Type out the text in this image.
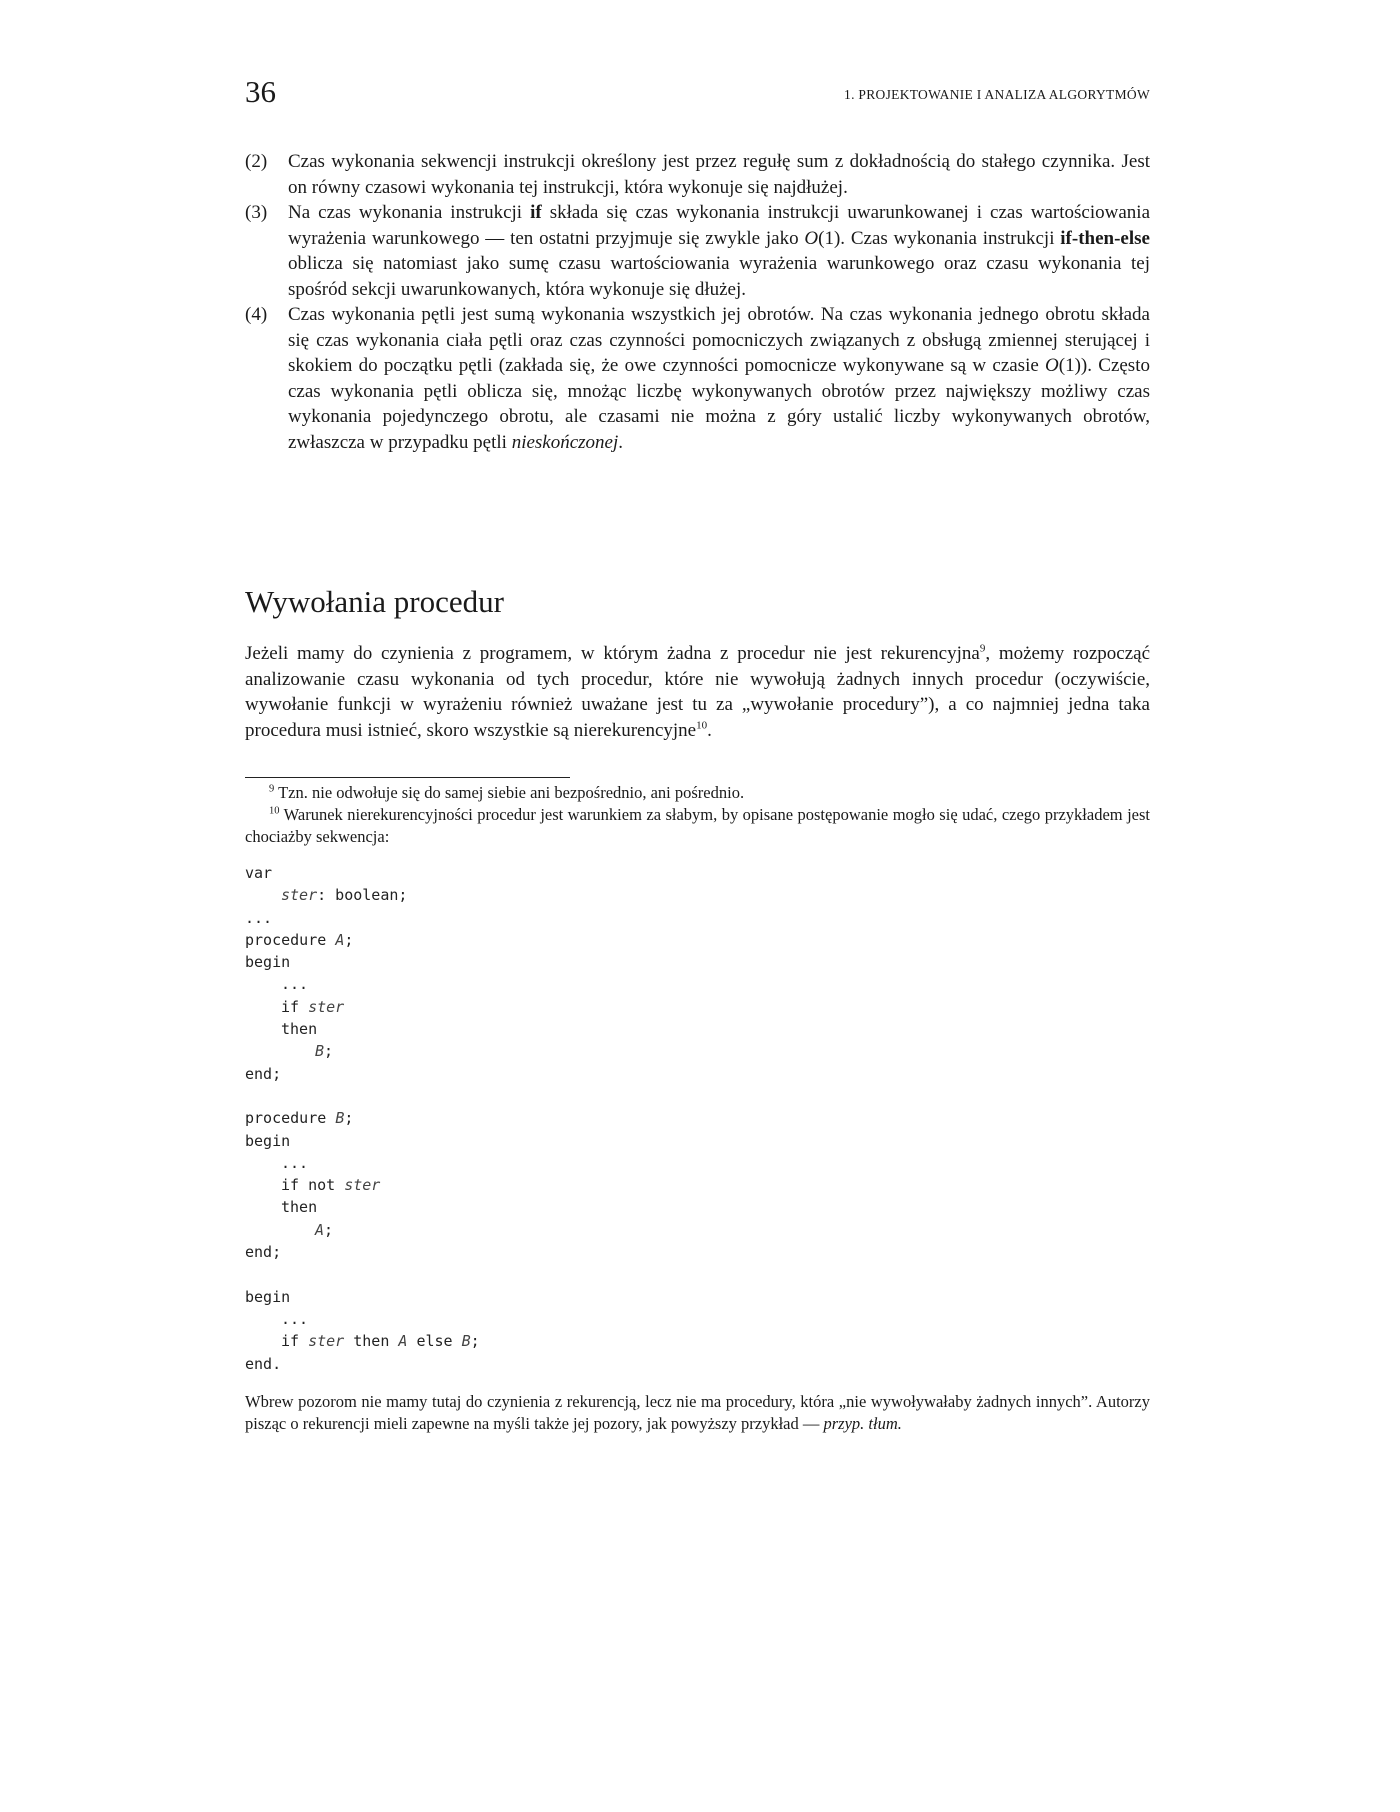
36	1. PROJEKTOWANIE I ANALIZA ALGORYTMÓW
(2) Czas wykonania sekwencji instrukcji określony jest przez regułę sum z dokładnością do stałego czynnika. Jest on równy czasowi wykonania tej instrukcji, która wykonuje się najdłużej.
(3) Na czas wykonania instrukcji if składa się czas wykonania instrukcji uwarunkowanej i czas wartościowania wyrażenia warunkowego — ten ostatni przyjmuje się zwykle jako O(1). Czas wykonania instrukcji if-then-else oblicza się natomiast jako sumę czasu wartościowania wyrażenia warunkowego oraz czasu wykonania tej spośród sekcji uwarunkowanych, która wykonuje się dłużej.
(4) Czas wykonania pętli jest sumą wykonania wszystkich jej obrotów. Na czas wykonania jednego obrotu składa się czas wykonania ciała pętli oraz czas czynności pomocniczych związanych z obsługą zmiennej sterującej i skokiem do początku pętli (zakłada się, że owe czynności pomocnicze wykonywane są w czasie O(1)). Często czas wykonania pętli oblicza się, mnożąc liczbę wykonywanych obrotów przez największy możliwy czas wykonania pojedynczego obrotu, ale czasami nie można z góry ustalić liczby wykonywanych obrotów, zwłaszcza w przypadku pętli nieskończonej.
Wywołania procedur

Jeżeli mamy do czynienia z programem, w którym żadna z procedur nie jest rekurencyjna$^9$, możemy rozpocząć analizowanie czasu wykonania od tych procedur, które nie wywołują żadnych innych procedur (oczywiście, wywołanie funkcji w wyrażeniu również uważane jest tu za „wywołanie procedury”), a co najmniej jedna taka procedura musi istnieć, skoro wszystkie są nierekurencyjne$^{10}$.

$^9$ Tzn. nie odwołuje się do samej siebie ani bezpośrednio, ani pośrednio.

$^{10}$ Warunek nierekurencyjności procedur jest warunkiem za słabym, by opisane postępowanie mogło się udać, czego przykładem jest chociażby sekwencja:

var
ster: boolean;
...
procedure A;
begin
...
if ster
then
B;
end;

procedure B;
begin
...
if not ster
then
A;
end;

begin
...
if ster then A else B;
end.

Wbrew pozorom nie mamy tutaj do czynienia z rekurencją, lecz nie ma procedury, która „nie wywoływałaby żadnych innych”. Autorzy pisząc o rekurencji mieli zapewne na myśli także jej pozory, jak powyższy przykład — przyp. tłum.
